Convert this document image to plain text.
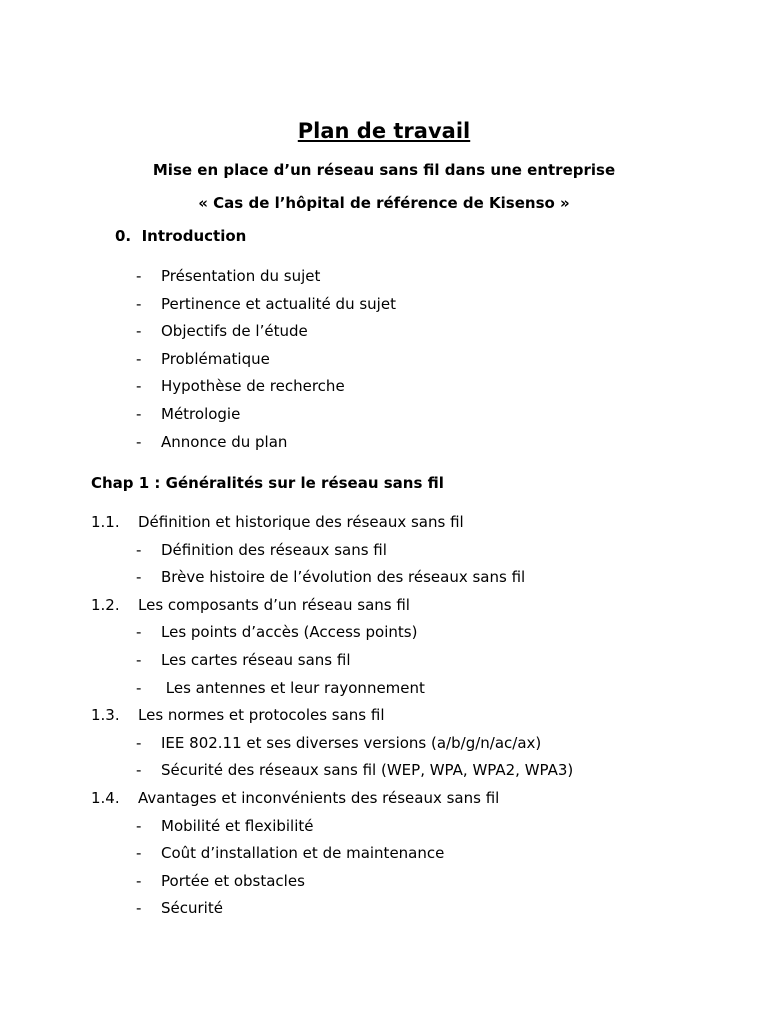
Plan de travail
Mise en place d’un réseau sans fil dans une entreprise
« Cas de l’hôpital de référence de Kisenso »
0.  Introduction
- Présentation du sujet
- Pertinence et actualité du sujet
- Objectifs de l’étude
- Problématique
- Hypothèse de recherche
- Métrologie
- Annonce du plan
Chap 1 : Généralités sur le réseau sans fil
1.1. Définition et historique des réseaux sans fil
- Définition des réseaux sans fil
- Brève histoire de l’évolution des réseaux sans fil
1.2. Les composants d’un réseau sans fil
- Les points d’accès (Access points)
- Les cartes réseau sans fil
- Les antennes et leur rayonnement
1.3. Les normes et protocoles sans fil
- IEE 802.11 et ses diverses versions (a/b/g/n/ac/ax)
- Sécurité des réseaux sans fil (WEP, WPA, WPA2, WPA3)
1.4. Avantages et inconvénients des réseaux sans fil
- Mobilité et flexibilité
- Coût d’installation et de maintenance
- Portée et obstacles
- Sécurité
